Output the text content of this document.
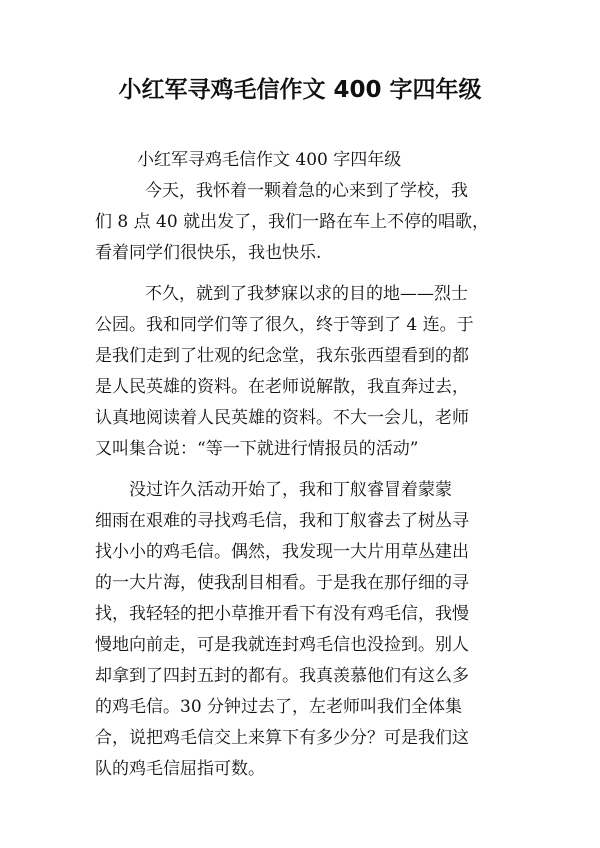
小红军寻鸡毛信作文 400 字四年级
小红军寻鸡毛信作文 400 字四年级
今天，我怀着一颗着急的心来到了学校，我
们 8 点 40 就出发了，我们一路在车上不停的唱歌，
看着同学们很快乐，我也快乐.
不久，就到了我梦寐以求的目的地——烈士
公园。我和同学们等了很久，终于等到了 4 连。于
是我们走到了壮观的纪念堂，我东张西望看到的都
是人民英雄的资料。在老师说解散，我直奔过去，
认真地阅读着人民英雄的资料。不大一会儿，老师
又叫集合说：“等一下就进行情报员的活动”
没过许久活动开始了，我和丁舣睿冒着蒙蒙
细雨在艰难的寻找鸡毛信，我和丁舣睿去了树丛寻
找小小的鸡毛信。偶然，我发现一大片用草丛建出
的一大片海，使我刮目相看。于是我在那仔细的寻
找，我轻轻的把小草推开看下有没有鸡毛信，我慢
慢地向前走，可是我就连封鸡毛信也没捡到。别人
却拿到了四封五封的都有。我真羡慕他们有这么多
的鸡毛信。30 分钟过去了，左老师叫我们全体集
合，说把鸡毛信交上来算下有多少分？可是我们这
队的鸡毛信屈指可数。
